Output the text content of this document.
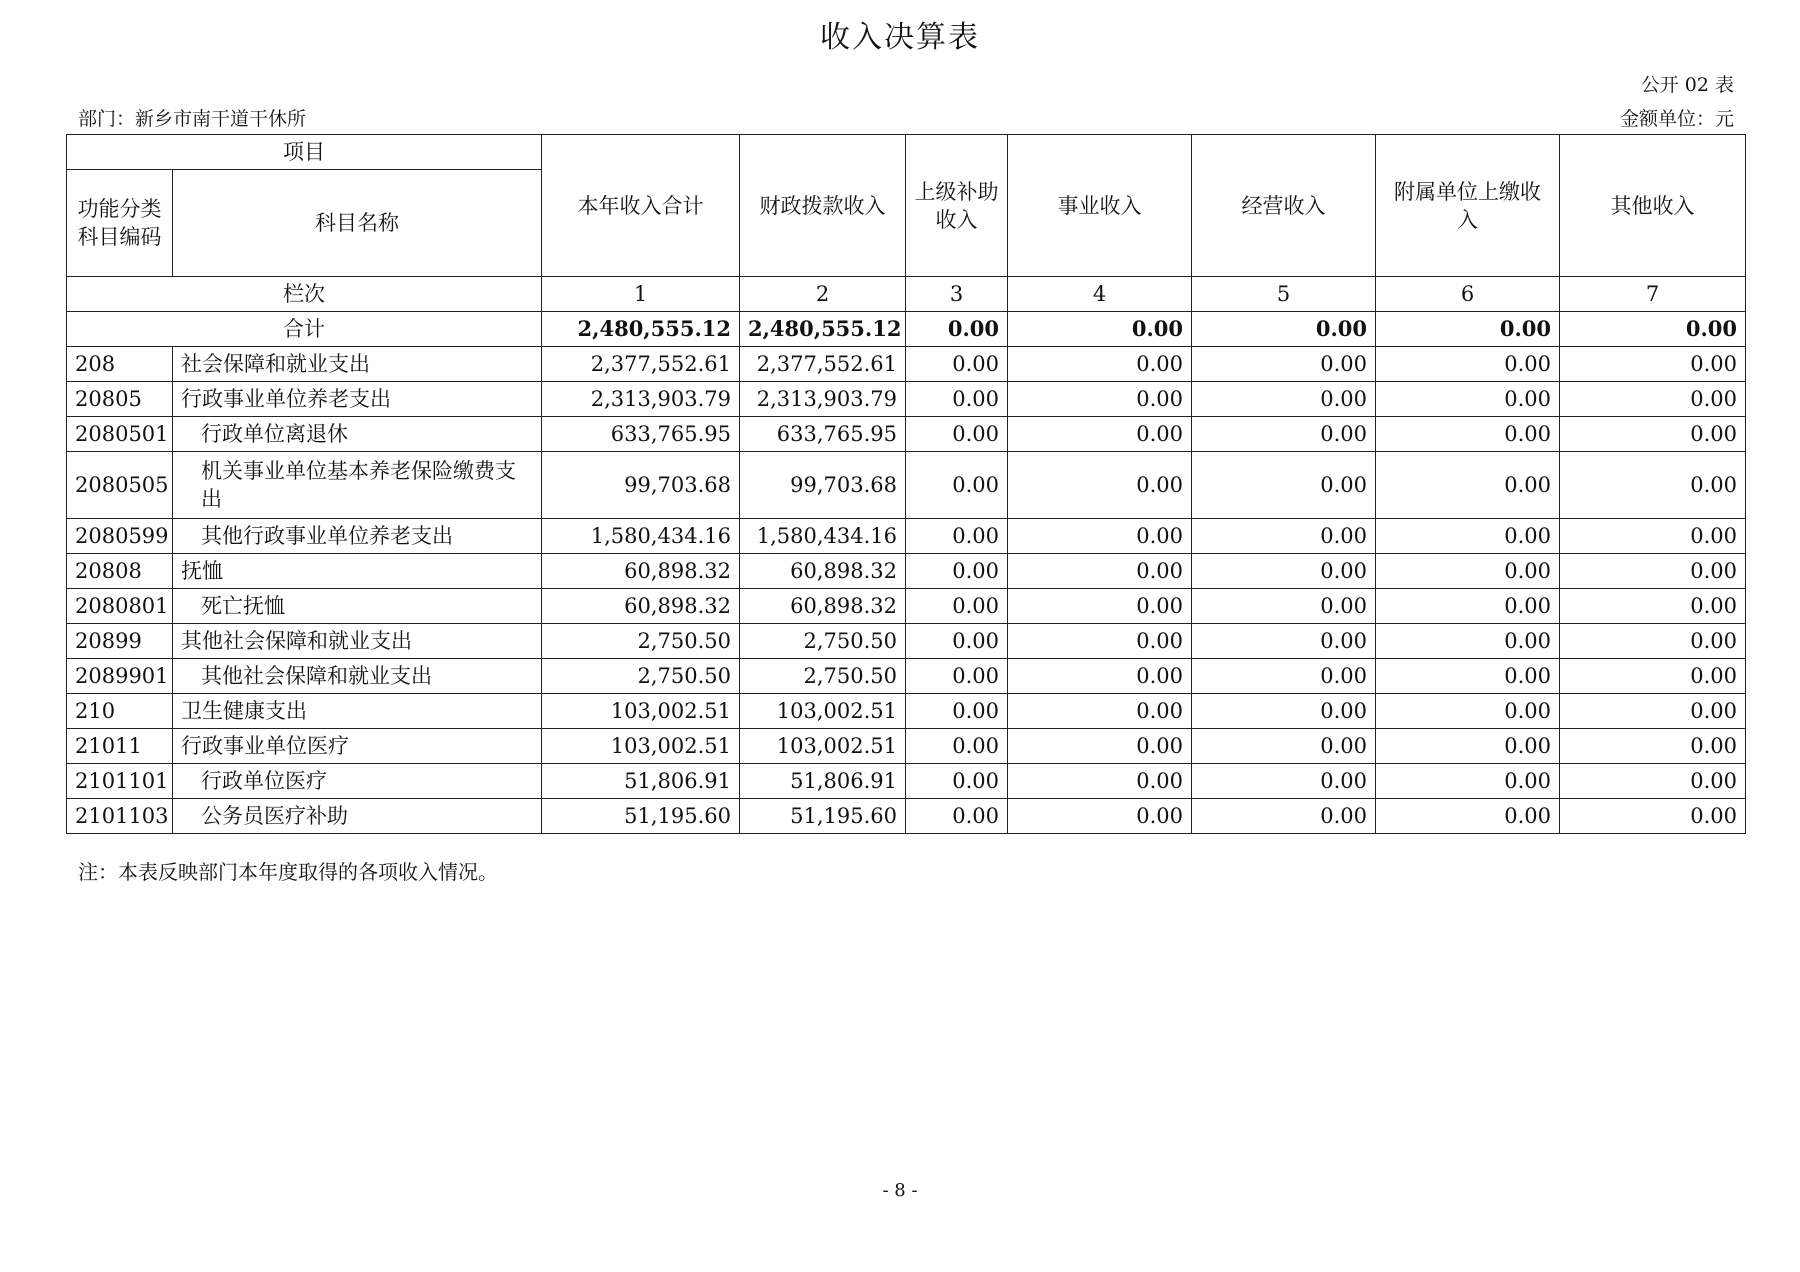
收入决算表
公开 02 表
部门：新乡市南干道干休所	金额单位：元
项目		本年收入合计	财政拨款收入	上级补助收入	事业收入	经营收入	附属单位上缴收入	其他收入
功能分类科目编码	科目名称							
栏次		1	2	3	4	5	6	7
合计		2,480,555.12	2,480,555.12	0.00	0.00	0.00	0.00	0.00
208	社会保障和就业支出	2,377,552.61	2,377,552.61	0.00	0.00	0.00	0.00	0.00
20805	行政事业单位养老支出	2,313,903.79	2,313,903.79	0.00	0.00	0.00	0.00	0.00
2080501	行政单位离退休	633,765.95	633,765.95	0.00	0.00	0.00	0.00	0.00
2080505	机关事业单位基本养老保险缴费支出	99,703.68	99,703.68	0.00	0.00	0.00	0.00	0.00
2080599	其他行政事业单位养老支出	1,580,434.16	1,580,434.16	0.00	0.00	0.00	0.00	0.00
20808	抚恤	60,898.32	60,898.32	0.00	0.00	0.00	0.00	0.00
2080801	死亡抚恤	60,898.32	60,898.32	0.00	0.00	0.00	0.00	0.00
20899	其他社会保障和就业支出	2,750.50	2,750.50	0.00	0.00	0.00	0.00	0.00
2089901	其他社会保障和就业支出	2,750.50	2,750.50	0.00	0.00	0.00	0.00	0.00
210	卫生健康支出	103,002.51	103,002.51	0.00	0.00	0.00	0.00	0.00
21011	行政事业单位医疗	103,002.51	103,002.51	0.00	0.00	0.00	0.00	0.00
2101101	行政单位医疗	51,806.91	51,806.91	0.00	0.00	0.00	0.00	0.00
2101103	公务员医疗补助	51,195.60	51,195.60	0.00	0.00	0.00	0.00	0.00
注：本表反映部门本年度取得的各项收入情况。
- 8 -
